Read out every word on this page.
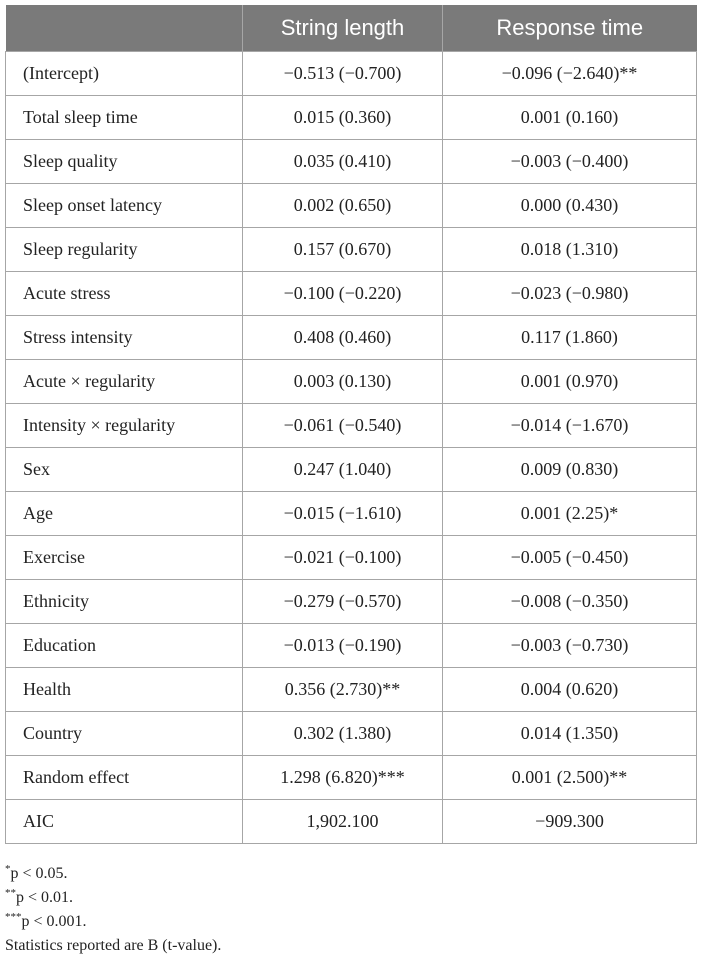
	String length	Response time
(Intercept)	−0.513 (−0.700)	−0.096 (−2.640)**
Total sleep time	0.015 (0.360)	0.001 (0.160)
Sleep quality	0.035 (0.410)	−0.003 (−0.400)
Sleep onset latency	0.002 (0.650)	0.000 (0.430)
Sleep regularity	0.157 (0.670)	0.018 (1.310)
Acute stress	−0.100 (−0.220)	−0.023 (−0.980)
Stress intensity	0.408 (0.460)	0.117 (1.860)
Acute × regularity	0.003 (0.130)	0.001 (0.970)
Intensity × regularity	−0.061 (−0.540)	−0.014 (−1.670)
Sex	0.247 (1.040)	0.009 (0.830)
Age	−0.015 (−1.610)	0.001 (2.25)*
Exercise	−0.021 (−0.100)	−0.005 (−0.450)
Ethnicity	−0.279 (−0.570)	−0.008 (−0.350)
Education	−0.013 (−0.190)	−0.003 (−0.730)
Health	0.356 (2.730)**	0.004 (0.620)
Country	0.302 (1.380)	0.014 (1.350)
Random effect	1.298 (6.820)***	0.001 (2.500)**
AIC	1,902.100	−909.300
*p < 0.05.
**p < 0.01.
***p < 0.001.
Statistics reported are B (t-value).
